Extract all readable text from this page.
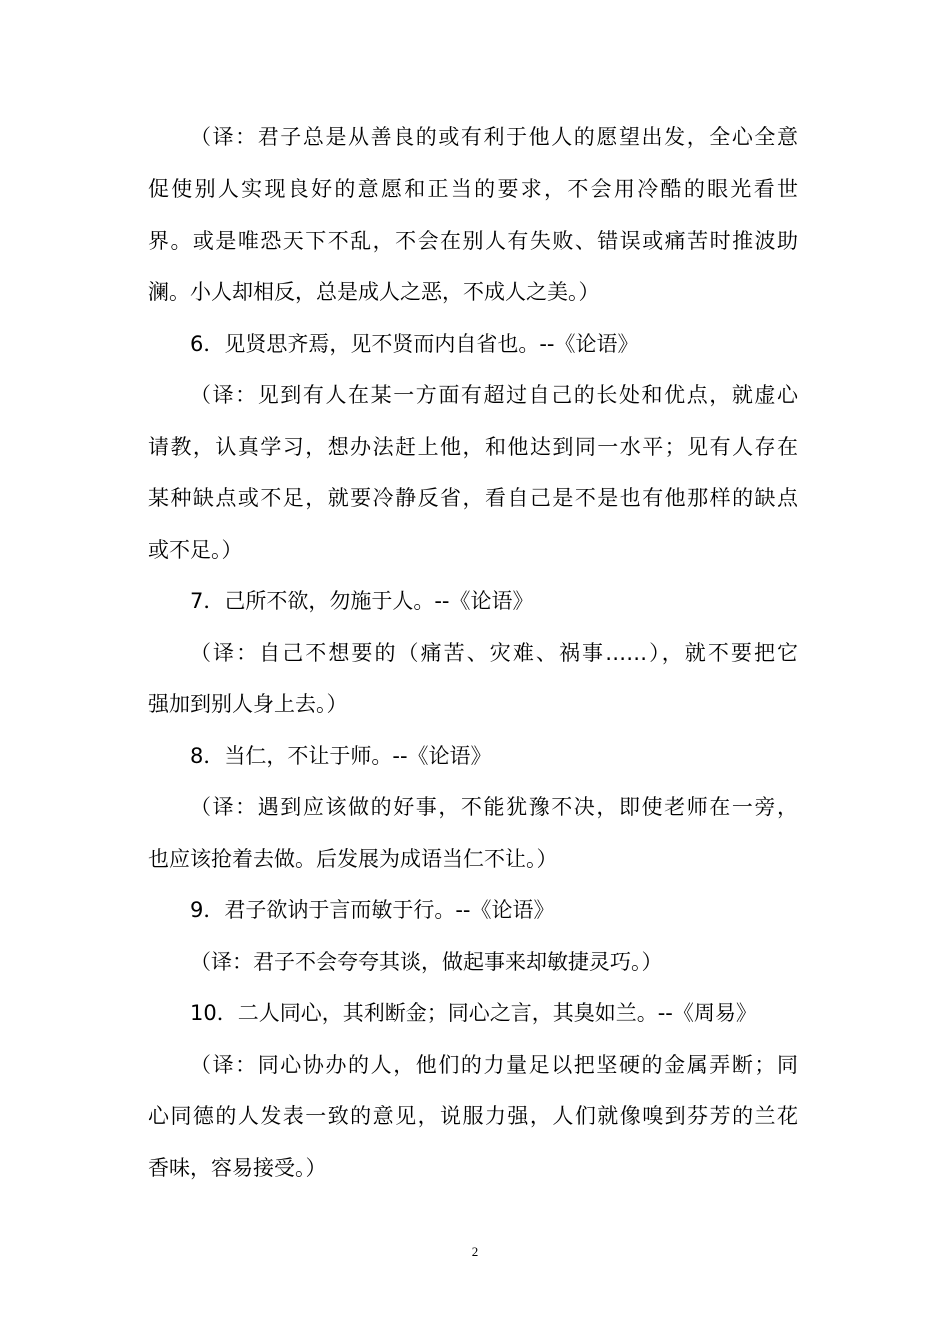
（译：君子总是从善良的或有利于他人的愿望出发，全心全意
促使别人实现良好的意愿和正当的要求，不会用冷酷的眼光看世
界。或是唯恐天下不乱，不会在别人有失败、错误或痛苦时推波助
澜。小人却相反，总是成人之恶，不成人之美。）
6．见贤思齐焉，见不贤而内自省也。--《论语》
（译：见到有人在某一方面有超过自己的长处和优点，就虚心
请教，认真学习，想办法赶上他，和他达到同一水平；见有人存在
某种缺点或不足，就要冷静反省，看自己是不是也有他那样的缺点
或不足。）
7．己所不欲，勿施于人。--《论语》
（译：自己不想要的（痛苦、灾难、祸事……），就不要把它
强加到别人身上去。）
8．当仁，不让于师。--《论语》
（译：遇到应该做的好事，不能犹豫不决，即使老师在一旁，
也应该抢着去做。后发展为成语当仁不让。）
9．君子欲讷于言而敏于行。--《论语》
（译：君子不会夸夸其谈，做起事来却敏捷灵巧。）
10．二人同心，其利断金；同心之言，其臭如兰。--《周易》
（译：同心协办的人，他们的力量足以把坚硬的金属弄断；同
心同德的人发表一致的意见，说服力强，人们就像嗅到芬芳的兰花
香味，容易接受。）
2
